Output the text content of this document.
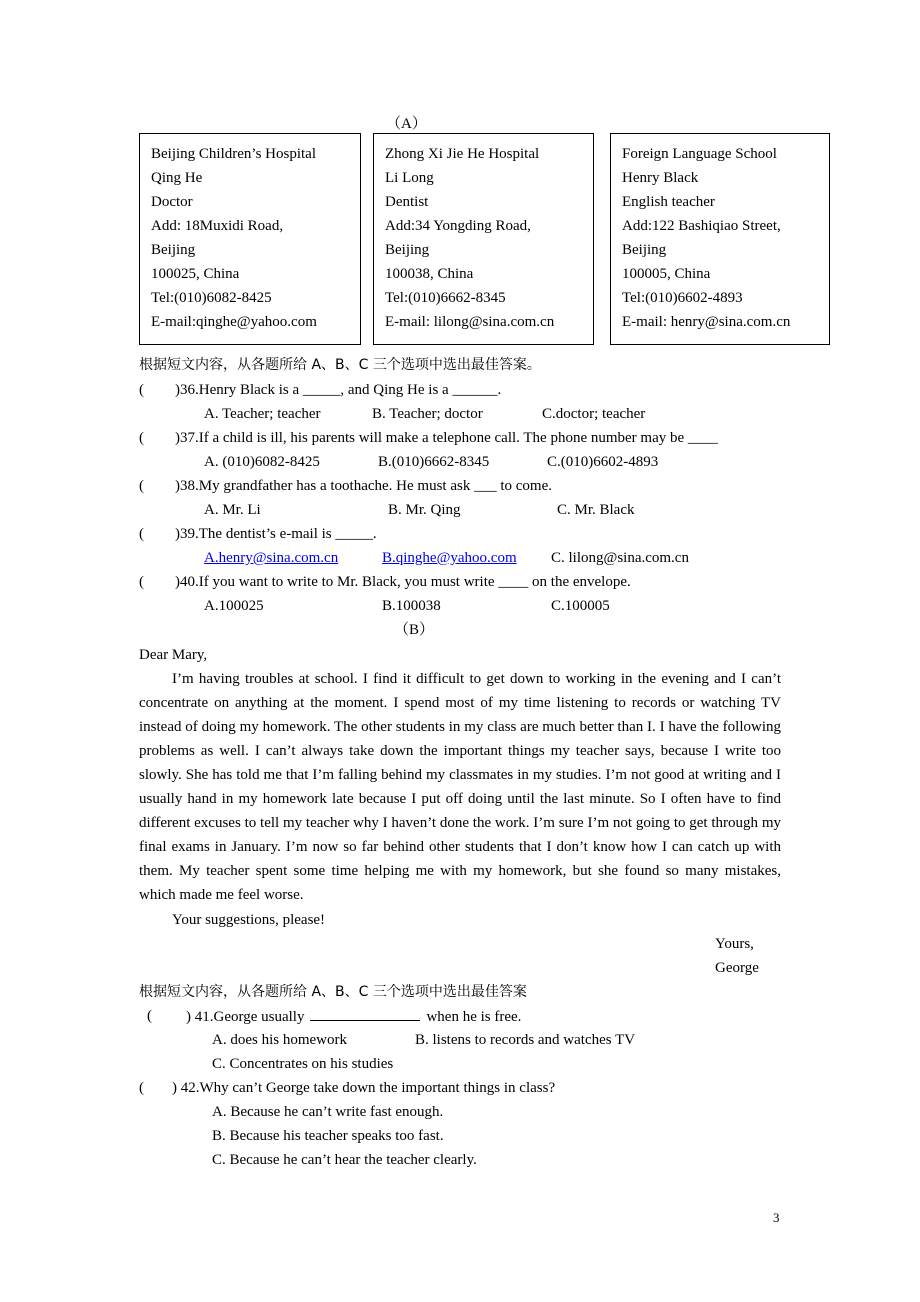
（A）
Beijing Children’s Hospital
Qing He
Doctor
Add: 18Muxidi Road,
Beijing
100025, China
Tel:(010)6082-8425
E-mail:qinghe@yahoo.com
Zhong Xi Jie He Hospital
Li Long
Dentist
Add:34 Yongding Road,
Beijing
100038, China
Tel:(010)6662-8345
E-mail: lilong@sina.com.cn
Foreign Language School
Henry Black
English teacher
Add:122 Bashiqiao Street,
Beijing
100005, China
Tel:(010)6602-4893
E-mail: henry@sina.com.cn
根据短文内容，从各题所给 A、B、C 三个选项中选出最佳答案。
( )36.Henry Black is a _____, and Qing He is a ______.
A. Teacher; teacher	B. Teacher; doctor	C.doctor; teacher
( )37.If a child is ill, his parents will make a telephone call. The phone number may be ____
A. (010)6082-8425	B.(010)6662-8345	C.(010)6602-4893
( )38.My grandfather has a toothache. He must ask ___ to come.
A. Mr. Li	B. Mr. Qing	C. Mr. Black
( )39.The dentist’s e-mail is _____.
A.henry@sina.com.cn	B.qinghe@yahoo.com C. lilong@sina.com.cn
( )40.If you want to write to Mr. Black, you must write ____ on the envelope.
A.100025	B.100038	C.100005
（B）
Dear Mary,

I’m having troubles at school. I find it difficult to get down to working in the evening and I can’t concentrate on anything at the moment. I spend most of my time listening to records or watching TV instead of doing my homework. The other students in my class are much better than I. I have the following problems as well. I can’t always take down the important things my teacher says, because I write too slowly. She has told me that I’m falling behind my classmates in my studies. I’m not good at writing and I usually hand in my homework late because I put off doing until the last minute. So I often have to find different excuses to tell my teacher why I haven’t done the work. I’m sure I’m not going to get through my final exams in January. I’m now so far behind other students that I don’t know how I can catch up with them. My teacher spent some time helping me with my homework, but she found so many mistakes, which made me feel worse.

Your suggestions, please!
Yours,
George
根据短文内容，从各题所给 A、B、C 三个选项中选出最佳答案
( ) 41.George usually	when he is free.
A. does his homework	B. listens to records and watches TV
C. Concentrates on his studies
( ) 42.Why can’t George take down the important things in class?
A. Because he can’t write fast enough.
B. Because his teacher speaks too fast.
C. Because he can’t hear the teacher clearly.
3
